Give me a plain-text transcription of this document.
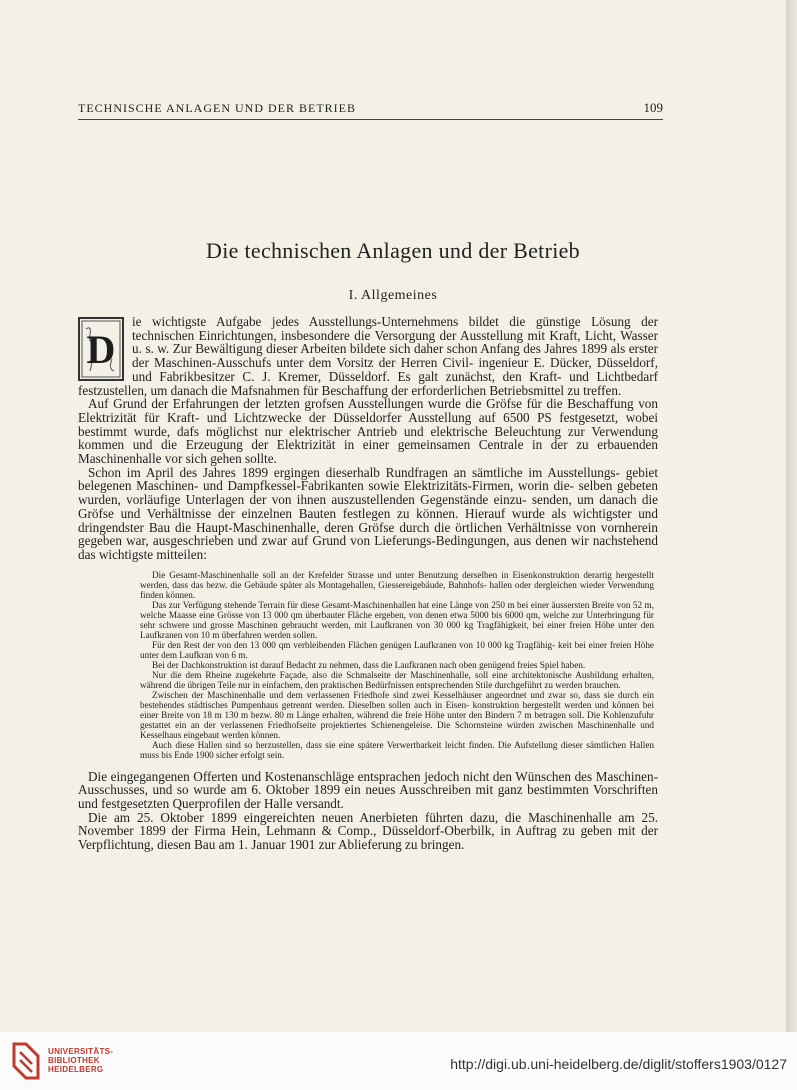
TECHNISCHE ANLAGEN UND DER BETRIEB	109
Die technischen Anlagen und der Betrieb
I. Allgemeines
D

ie wichtigste Aufgabe jedes Ausstellungs-Unternehmens bildet die günstige Lösung der technischen Einrichtungen, insbesondere die Versorgung der Ausstellung mit Kraft, Licht, Wasser u. s. w. Zur Bewältigung dieser Arbeiten bildete sich daher schon Anfang des Jahres 1899 als erster der Maschinen-Ausschufs unter dem Vorsitz der Herren Civil- ingenieur E. Dücker, Düsseldorf, und Fabrikbesitzer C. J. Kremer, Düsseldorf. Es galt zunächst, den Kraft- und Lichtbedarf festzustellen, um danach die Mafsnahmen für Beschaffung der erforderlichen Betriebsmittel zu treffen.

Auf Grund der Erfahrungen der letzten grofsen Ausstellungen wurde die Gröfse für die Beschaffung von Elektrizität für Kraft- und Lichtzwecke der Düsseldorfer Ausstellung auf 6500 PS festgesetzt, wobei bestimmt wurde, dafs möglichst nur elektrischer Antrieb und elektrische Beleuchtung zur Verwendung kommen und die Erzeugung der Elektrizität in einer gemeinsamen Centrale in der zu erbauenden Maschinenhalle vor sich gehen sollte.

Schon im April des Jahres 1899 ergingen dieserhalb Rundfragen an sämtliche im Ausstellungs- gebiet belegenen Maschinen- und Dampfkessel-Fabrikanten sowie Elektrizitäts-Firmen, worin die- selben gebeten wurden, vorläufige Unterlagen der von ihnen auszustellenden Gegenstände einzu- senden, um danach die Gröfse und Verhältnisse der einzelnen Bauten festlegen zu können. Hierauf wurde als wichtigster und dringendster Bau die Haupt-Maschinenhalle, deren Gröfse durch die örtlichen Verhältnisse von vornherein gegeben war, ausgeschrieben und zwar auf Grund von Lieferungs-Bedingungen, aus denen wir nachstehend das wichtigste mitteilen:

Die Gesamt-Maschinenhalle soll an der Krefelder Strasse und unter Benutzung derselben in Eisenkonstruktion derartig hergestellt werden, dass das bezw. die Gebäude später als Montagehallen, Giessereigebäude, Bahnhofs- hallen oder dergleichen wieder Verwendung finden können.

Das zur Verfügung stehende Terrain für diese Gesamt-Maschinenhallen hat eine Länge von 250 m bei einer äussersten Breite von 52 m, welche Maasse eine Grösse von 13 000 qm überbauter Fläche ergeben, von denen etwa 5000 bis 6000 qm, welche zur Unterbringung für sehr schwere und grosse Maschinen gebraucht werden, mit Laufkranen von 30 000 kg Tragfähigkeit, bei einer freien Höhe unter den Laufkranen von 10 m überfahren werden sollen.

Für den Rest der von den 13 000 qm verbleibenden Flächen genügen Laufkranen von 10 000 kg Tragfähig- keit bei einer freien Höhe unter dem Laufkran von 6 m.

Bei der Dachkonstruktion ist darauf Bedacht zu nehmen, dass die Laufkranen nach oben genügend freies Spiel haben.

Nur die dem Rheine zugekehrte Façade, also die Schmalseite der Maschinenhalle, soll eine architektonische Ausbildung erhalten, während die übrigen Teile nur in einfachem, den praktischen Bedürfnissen entsprechenden Stile durchgeführt zu werden brauchen.

Zwischen der Maschinenhalle und dem verlassenen Friedhofe sind zwei Kesselhäuser angeordnet und zwar so, dass sie durch ein bestehendes städtisches Pumpenhaus getrennt werden. Dieselben sollen auch in Eisen- konstruktion hergestellt werden und können bei einer Breite von 18 m 130 m bezw. 80 m Länge erhalten, während die freie Höhe unter den Bindern 7 m betragen soll. Die Kohlenzufuhr gestattet ein an der verlassenen Friedhofseite projektiertes Schienengeleise. Die Schornsteine würden zwischen Maschinenhalle und Kesselhaus eingebaut werden können.

Auch diese Hallen sind so herzustellen, dass sie eine spätere Verwertbarkeit leicht finden. Die Aufstellung dieser sämtlichen Hallen muss bis Ende 1900 sicher erfolgt sein.

Die eingegangenen Offerten und Kostenanschläge entsprachen jedoch nicht den Wünschen des Maschinen-Ausschusses, und so wurde am 6. Oktober 1899 ein neues Ausschreiben mit ganz bestimmten Vorschriften und festgesetzten Querprofilen der Halle versandt.

Die am 25. Oktober 1899 eingereichten neuen Anerbieten führten dazu, die Maschinenhalle am 25. November 1899 der Firma Hein, Lehmann & Comp., Düsseldorf-Oberbilk, in Auftrag zu geben mit der Verpflichtung, diesen Bau am 1. Januar 1901 zur Ablieferung zu bringen.

UNIVERSITÄTS-
BIBLIOTHEK
HEIDELBERG	http://digi.ub.uni-heidelberg.de/diglit/stoffers1903/0127
